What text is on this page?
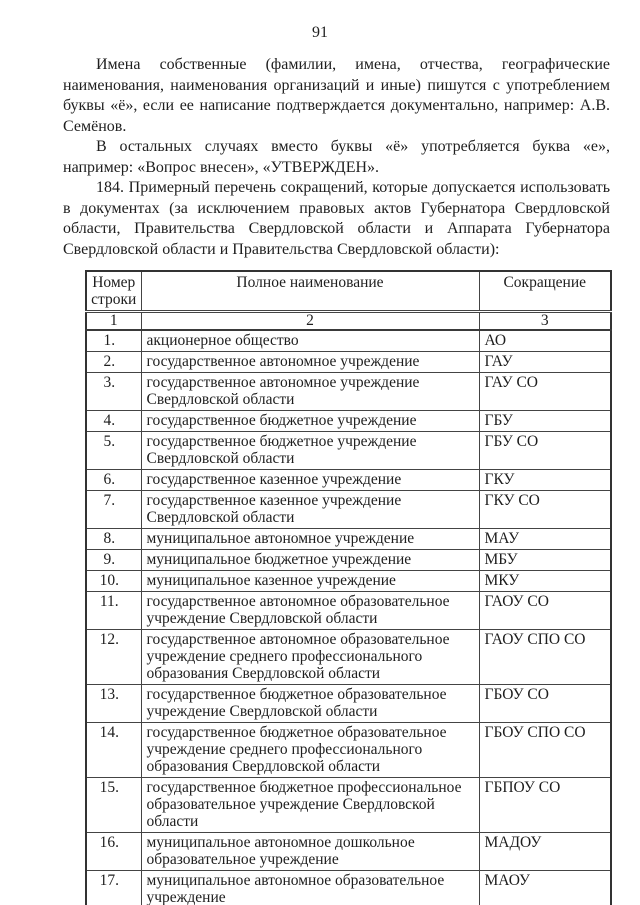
91

Имена собственные (фамилии, имена, отчества, географические наименования, наименования организаций и иные) пишутся с употреблением буквы «ё», если ее написание подтверждается документально, например: А.В. Семёнов.

В остальных случаях вместо буквы «ё» употребляется буква «е», например: «Вопрос внесен», «УТВЕРЖДЕН».

184. Примерный перечень сокращений, которые допускается использовать в документах (за исключением правовых актов Губернатора Свердловской области, Правительства Свердловской области и Аппарата Губернатора Свердловской области и Правительства Свердловской области):

Номер строки	Полное наименование	Сокращение
1	2	3
1.	акционерное общество	АО
2.	государственное автономное учреждение	ГАУ
3.	государственное автономное учреждение Свердловской области	ГАУ СО
4.	государственное бюджетное учреждение	ГБУ
5.	государственное бюджетное учреждение Свердловской области	ГБУ СО
6.	государственное казенное учреждение	ГКУ
7.	государственное казенное учреждение Свердловской области	ГКУ СО
8.	муниципальное автономное учреждение	МАУ
9.	муниципальное бюджетное учреждение	МБУ
10.	муниципальное казенное учреждение	МКУ
11.	государственное автономное образовательное учреждение Свердловской области	ГАОУ СО
12.	государственное автономное образовательное учреждение среднего профессионального образования Свердловской области	ГАОУ СПО СО
13.	государственное бюджетное образовательное учреждение Свердловской области	ГБОУ СО
14.	государственное бюджетное образовательное учреждение среднего профессионального образования Свердловской области	ГБОУ СПО СО
15.	государственное бюджетное профессиональное образовательное учреждение Свердловской области	ГБПОУ СО
16.	муниципальное автономное дошкольное образовательное учреждение	МАДОУ
17.	муниципальное автономное образовательное учреждение	МАОУ
